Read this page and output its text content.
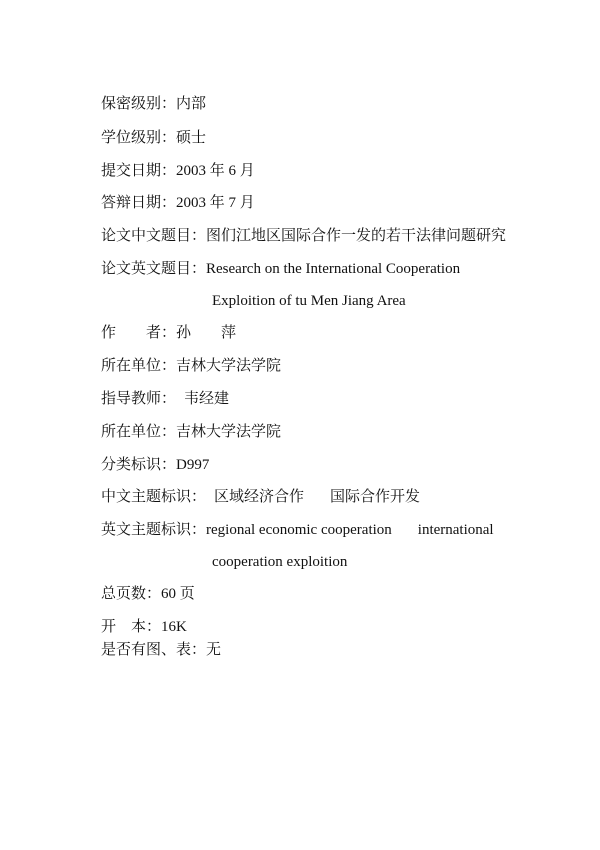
保密级别：内部
学位级别：硕士
提交日期：2003 年 6 月
答辩日期：2003 年 7 月
论文中文题目：图们江地区国际合作一发的若干法律问题研究
论文英文题目：Research on the International Cooperation
Exploition of tu Men Jiang Area
作　　者：孙　　萍
所在单位：吉林大学法学院
指导教师： 韦经建
所在单位：吉林大学法学院
分类标识：D997
中文主题标识： 区域经济合作 国际合作开发
英文主题标识：regional economic cooperation international
cooperation exploition
总页数：60 页
开　本：16K
是否有图、表：无
